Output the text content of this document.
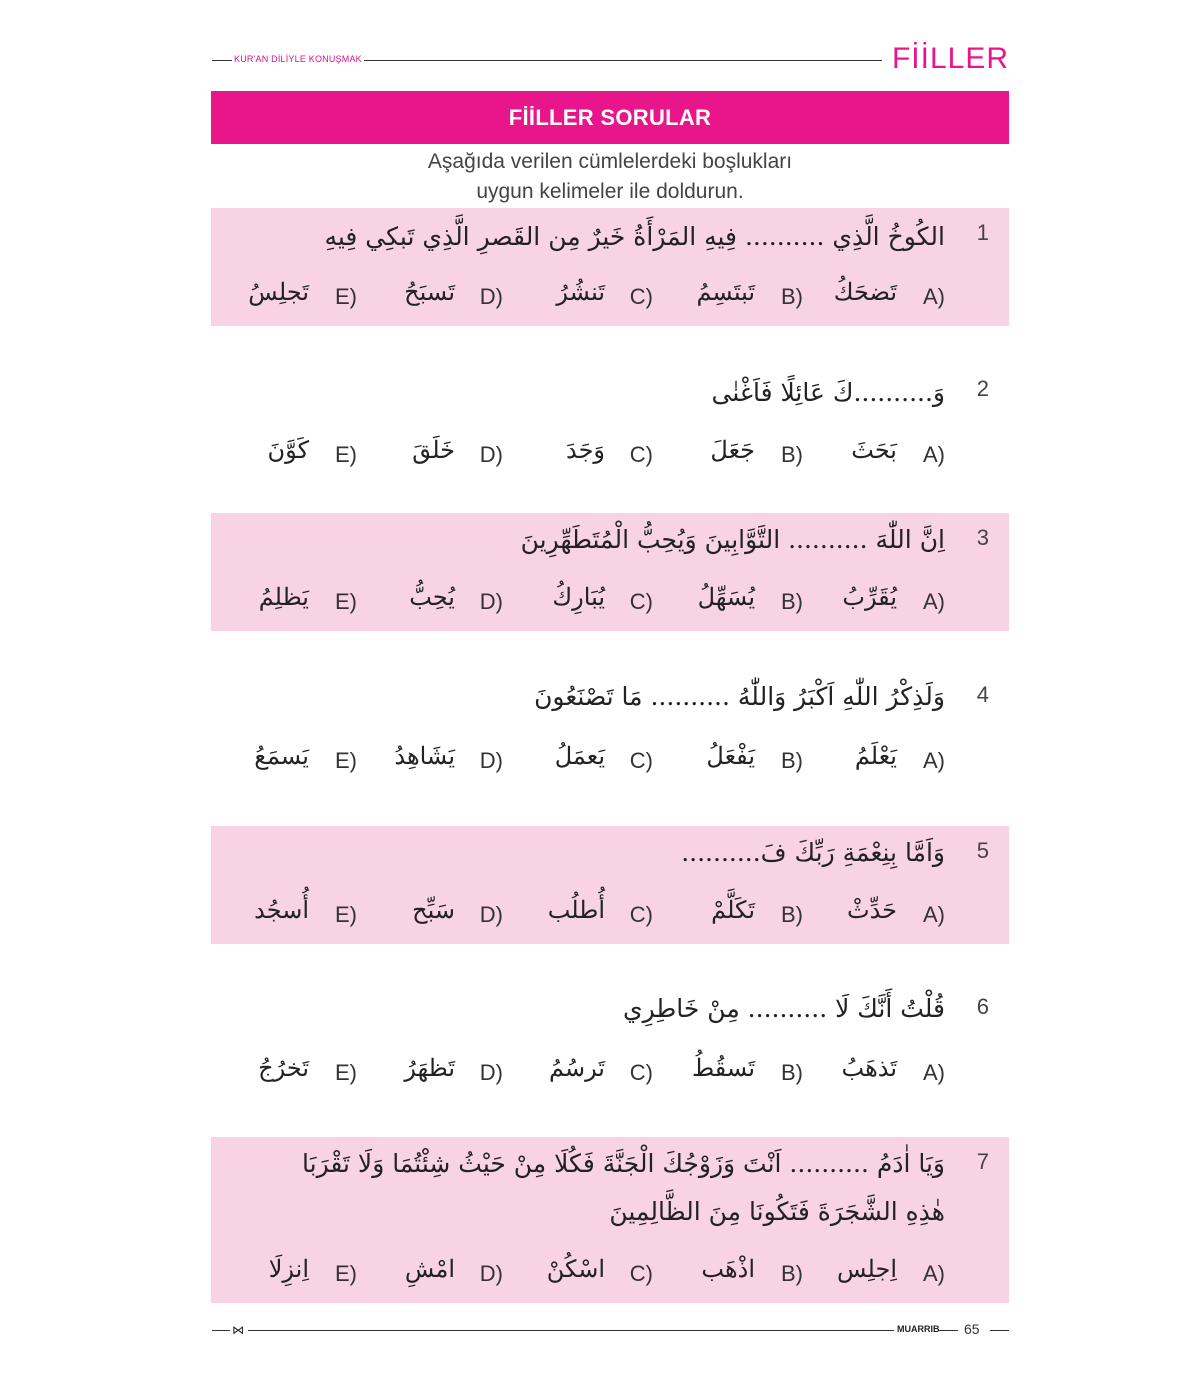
KUR'AN DİLİYLE KONUŞMAK	FİİLLER
FİİLLER SORULAR
Aşağıda verilen cümlelerdeki boşlukları
uygun kelimeler ile doldurun.
1
الكُوخُ الَّذِي .......... فِيهِ المَرْأَةُ خَيرٌ مِن القَصرِ الَّذِي تَبكِي فِيهِ
A)
تَضحَكُ
B)
تَبتَسِمُ
C)
تَنشُرُ
D)
تَسبَحُ
E)
تَجلِسُ
2
وَ..........كَ عَائِلًا فَاَغْنٰى
A)
بَحَثَ
B)
جَعَلَ
C)
وَجَدَ
D)
خَلَقَ
E)
كَوَّنَ
3
اِنَّ اللّٰهَ .......... التَّوَّابِينَ وَيُحِبُّ الْمُتَطَهِّرِينَ
A)
يُقَرِّبُ
B)
يُسَهِّلُ
C)
يُبَارِكُ
D)
يُحِبُّ
E)
يَظلِمُ
4
وَلَذِكْرُ اللّٰهِ اَكْبَرُ وَاللّٰهُ .......... مَا تَصْنَعُونَ
A)
يَعْلَمُ
B)
يَفْعَلُ
C)
يَعمَلُ
D)
يَشَاهِدُ
E)
يَسمَعُ
5
وَاَمَّا بِنِعْمَةِ رَبِّكَ فَ..........
A)
حَدِّثْ
B)
تَكَلَّمْ
C)
أُطلُب
D)
سَبِّح
E)
أُسجُد
6
قُلْتُ أَنَّكَ لَا .......... مِنْ خَاطِرِي
A)
تَذهَبُ
B)
تَسقُطُ
C)
تَرسُمُ
D)
تَظهَرُ
E)
تَخرُجُ
7
وَيَا اٰدَمُ .......... اَنْتَ وَزَوْجُكَ الْجَنَّةَ فَكُلَا مِنْ حَيْثُ شِئْتُمَا وَلَا تَقْرَبَا
هٰذِهِ الشَّجَرَةَ فَتَكُونَا مِنَ الظَّالِمِينَ
A)
اِجلِس
B)
اذْهَب
C)
اسْكُنْ
D)
امْشِ
E)
اِنزِلَا
⋈	MUARRIB 65
